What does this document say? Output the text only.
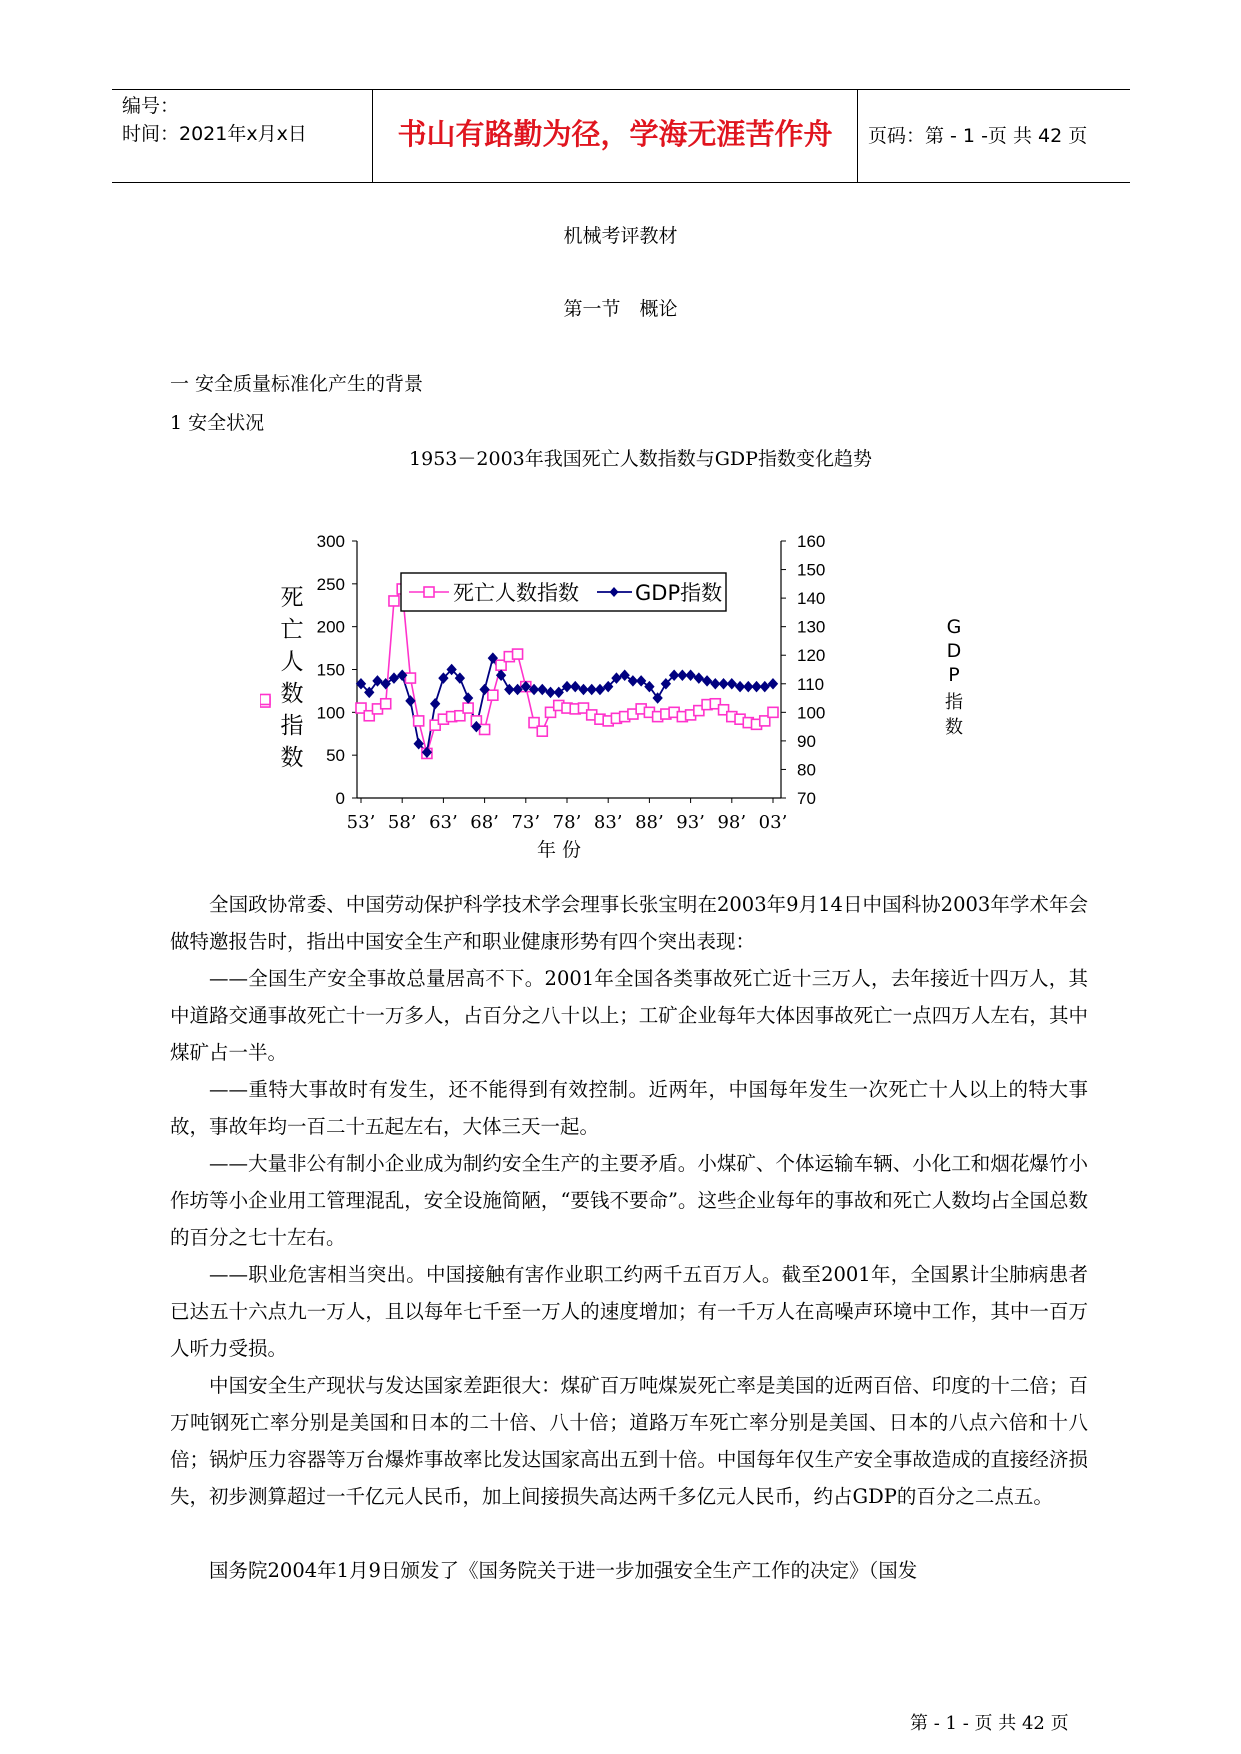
编号：
时间：2021年x月x日	书山有路勤为径，学海无涯苦作舟	页码：第 - 1 -页 共 42 页
机械考评教材
第一节　概论
一 安全质量标准化产生的背景
1 安全状况
1953－2003年我国死亡人数指数与GDP指数变化趋势
0
50
100
150
200
250
300
70
80
90
100
110
120
130
140
150
160
53’ 58’ 63’ 68’ 73’ 78’ 83’ 88’ 93’ 98’ 03’
死亡人数指数	GDP指数
死
亡
人
数
指
数
G
D
P
指
数
年 份
全国政协常委、中国劳动保护科学技术学会理事长张宝明在2003年9月14日中国科协2003年学术年会做特邀报告时，指出中国安全生产和职业健康形势有四个突出表现：
——全国生产安全事故总量居高不下。2001年全国各类事故死亡近十三万人，去年接近十四万人，其中道路交通事故死亡十一万多人，占百分之八十以上；工矿企业每年大体因事故死亡一点四万人左右，其中煤矿占一半。
——重特大事故时有发生，还不能得到有效控制。近两年，中国每年发生一次死亡十人以上的特大事故，事故年均一百二十五起左右，大体三天一起。
——大量非公有制小企业成为制约安全生产的主要矛盾。小煤矿、个体运输车辆、小化工和烟花爆竹小作坊等小企业用工管理混乱，安全设施简陋，“要钱不要命”。这些企业每年的事故和死亡人数均占全国总数的百分之七十左右。
——职业危害相当突出。中国接触有害作业职工约两千五百万人。截至2001年，全国累计尘肺病患者已达五十六点九一万人，且以每年七千至一万人的速度增加；有一千万人在高噪声环境中工作，其中一百万人听力受损。
中国安全生产现状与发达国家差距很大：煤矿百万吨煤炭死亡率是美国的近两百倍、印度的十二倍；百万吨钢死亡率分别是美国和日本的二十倍、八十倍；道路万车死亡率分别是美国、日本的八点六倍和十八倍；锅炉压力容器等万台爆炸事故率比发达国家高出五到十倍。中国每年仅生产安全事故造成的直接经济损失，初步测算超过一千亿元人民币，加上间接损失高达两千多亿元人民币，约占GDP的百分之二点五。
国务院2004年1月9日颁发了《国务院关于进一步加强安全生产工作的决定》（国发
第 - 1 - 页 共 42 页
